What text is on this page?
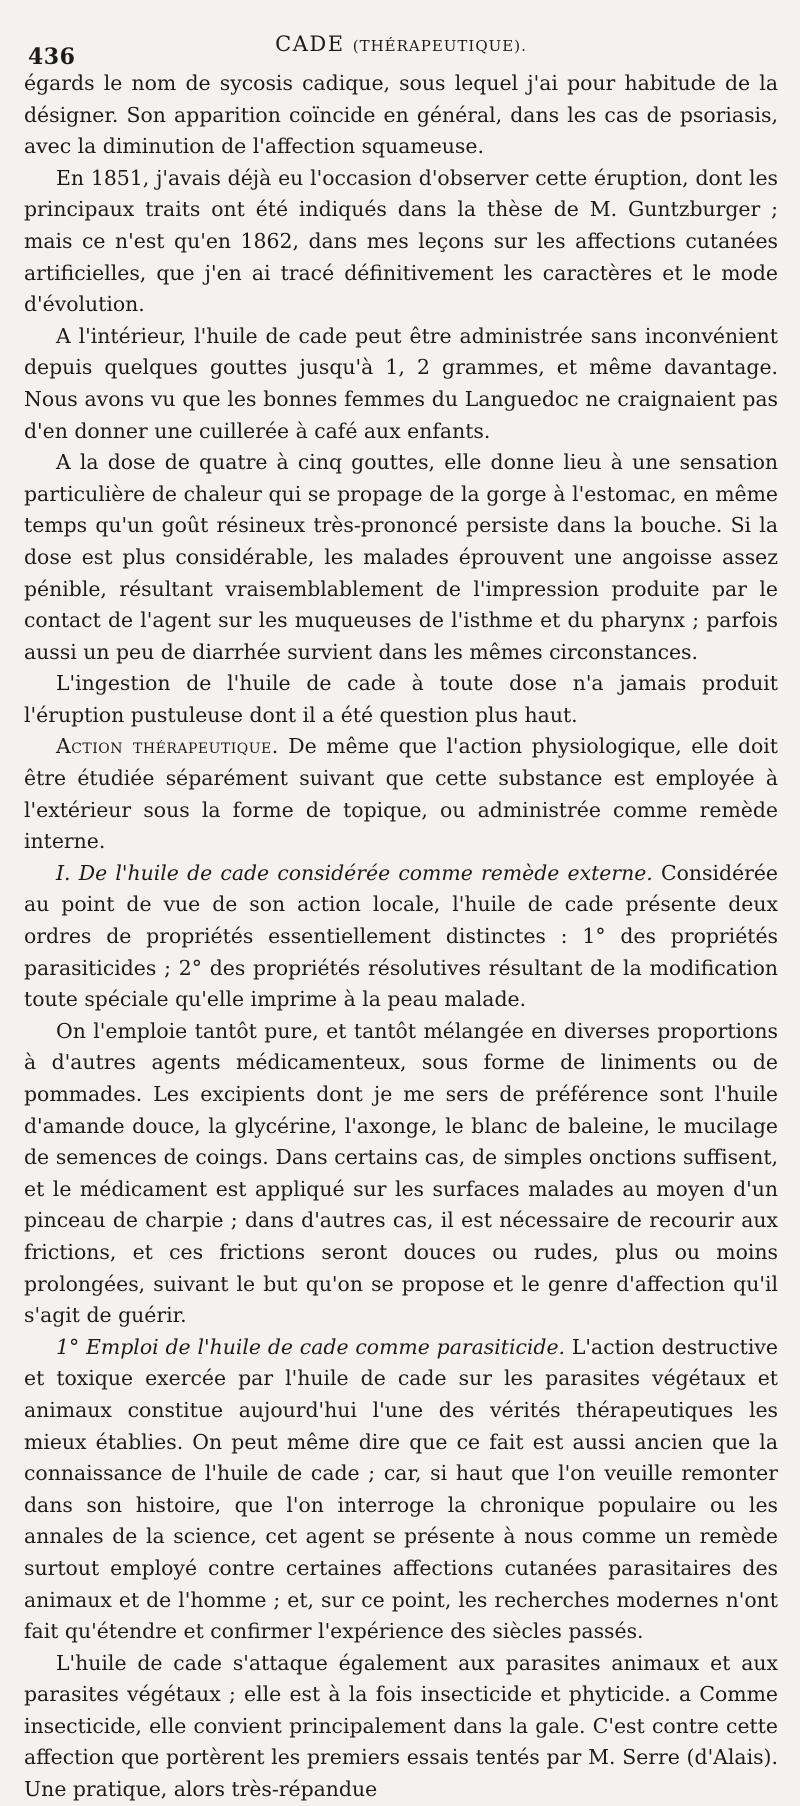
436	CADE (THÉRAPEUTIQUE).

égards le nom de sycosis cadique, sous lequel j'ai pour habitude de la désigner. Son apparition coïncide en général, dans les cas de psoriasis, avec la diminution de l'affection squameuse.

En 1851, j'avais déjà eu l'occasion d'observer cette éruption, dont les principaux traits ont été indiqués dans la thèse de M. Guntzburger ; mais ce n'est qu'en 1862, dans mes leçons sur les affections cutanées artificielles, que j'en ai tracé définitivement les caractères et le mode d'évolution.

A l'intérieur, l'huile de cade peut être administrée sans inconvénient depuis quelques gouttes jusqu'à 1, 2 grammes, et même davantage. Nous avons vu que les bonnes femmes du Languedoc ne craignaient pas d'en donner une cuillerée à café aux enfants.

A la dose de quatre à cinq gouttes, elle donne lieu à une sensation particulière de chaleur qui se propage de la gorge à l'estomac, en même temps qu'un goût résineux très-prononcé persiste dans la bouche. Si la dose est plus considérable, les malades éprouvent une angoisse assez pénible, résultant vraisemblablement de l'impression produite par le contact de l'agent sur les muqueuses de l'isthme et du pharynx ; parfois aussi un peu de diarrhée survient dans les mêmes circonstances.

L'ingestion de l'huile de cade à toute dose n'a jamais produit l'éruption pustuleuse dont il a été question plus haut.

Action thérapeutique. De même que l'action physiologique, elle doit être étudiée séparément suivant que cette substance est employée à l'extérieur sous la forme de topique, ou administrée comme remède interne.

I. De l'huile de cade considérée comme remède externe. Considérée au point de vue de son action locale, l'huile de cade présente deux ordres de propriétés essentiellement distinctes : 1° des propriétés parasiticides ; 2° des propriétés résolutives résultant de la modification toute spéciale qu'elle imprime à la peau malade.

On l'emploie tantôt pure, et tantôt mélangée en diverses proportions à d'autres agents médicamenteux, sous forme de liniments ou de pommades. Les excipients dont je me sers de préférence sont l'huile d'amande douce, la glycérine, l'axonge, le blanc de baleine, le mucilage de semences de coings. Dans certains cas, de simples onctions suffisent, et le médicament est appliqué sur les surfaces malades au moyen d'un pinceau de charpie ; dans d'autres cas, il est nécessaire de recourir aux frictions, et ces frictions seront douces ou rudes, plus ou moins prolongées, suivant le but qu'on se propose et le genre d'affection qu'il s'agit de guérir.

1° Emploi de l'huile de cade comme parasiticide. L'action destructive et toxique exercée par l'huile de cade sur les parasites végétaux et animaux constitue aujourd'hui l'une des vérités thérapeutiques les mieux établies. On peut même dire que ce fait est aussi ancien que la connaissance de l'huile de cade ; car, si haut que l'on veuille remonter dans son histoire, que l'on interroge la chronique populaire ou les annales de la science, cet agent se présente à nous comme un remède surtout employé contre certaines affections cutanées parasitaires des animaux et de l'homme ; et, sur ce point, les recherches modernes n'ont fait qu'étendre et confirmer l'expérience des siècles passés.

L'huile de cade s'attaque également aux parasites animaux et aux parasites végétaux ; elle est à la fois insecticide et phyticide. a Comme insecticide, elle convient principalement dans la gale. C'est contre cette affection que portèrent les premiers essais tentés par M. Serre (d'Alais). Une pratique, alors très-répandue
